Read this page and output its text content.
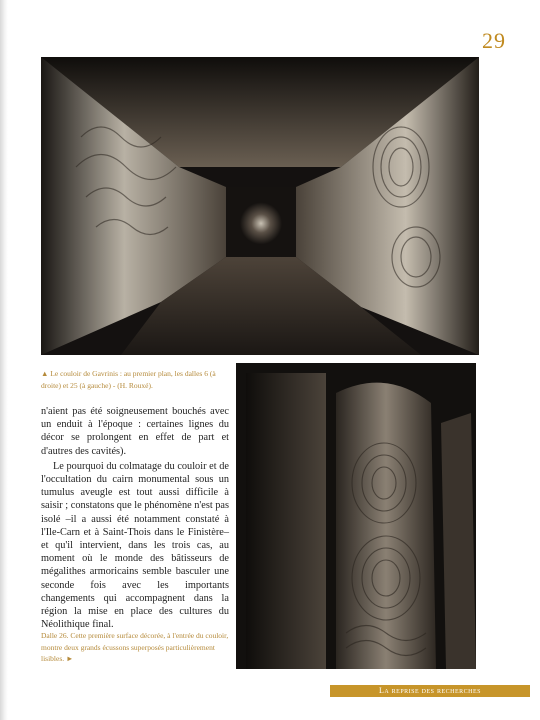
29
▲ Le couloir de Gavrinis : au premier plan, les dalles 6 (à droite) et 25 (à gauche) - (H. Rouxé).

n'aient pas été soigneusement bouchés avec un enduit à l'époque : certaines lignes du décor se prolongent en effet de part et d'autres des cavités).

Le pourquoi du colmatage du couloir et de l'occultation du cairn monumental sous un tumulus aveugle est tout aussi difficile à saisir ; constatons que le phénomène n'est pas isolé –il a aussi été notamment constaté à l'Ile-Carn et à Saint-Thois dans le Finistère– et qu'il intervient, dans les trois cas, au moment où le monde des bâtisseurs de mégalithes armoricains semble basculer une seconde fois avec les importants changements qui accompagnent dans la région la mise en place des cultures du Néolithique final.

Dalle 26. Cette première surface décorée, à l'entrée du couloir, montre deux grands écussons superposés particulièrement lisibles. ►
La reprise des recherches
